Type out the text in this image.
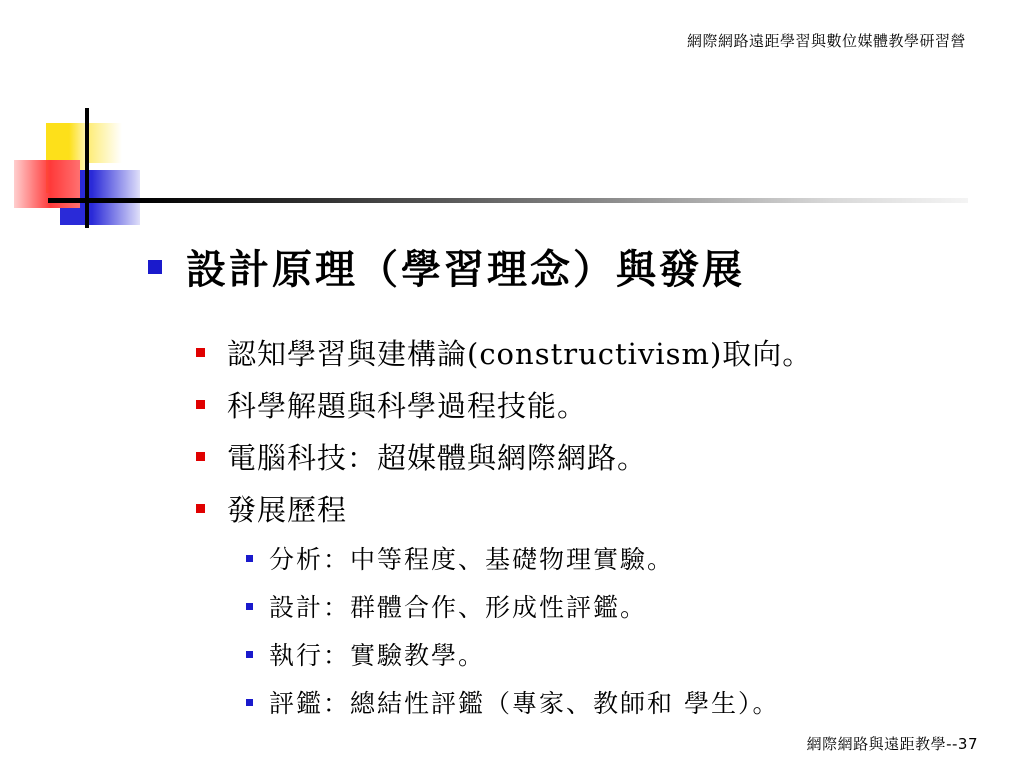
網際網路遠距學習與數位媒體教學研習營
設計原理（學習理念）與發展
認知學習與建構論(constructivism)取向。
科學解題與科學過程技能。
電腦科技：超媒體與網際網路。
發展歷程
分析：中等程度、基礎物理實驗。
設計：群體合作、形成性評鑑。
執行：實驗教學。
評鑑：總結性評鑑（專家、教師和 學生）。
網際網路與遠距教學--37
